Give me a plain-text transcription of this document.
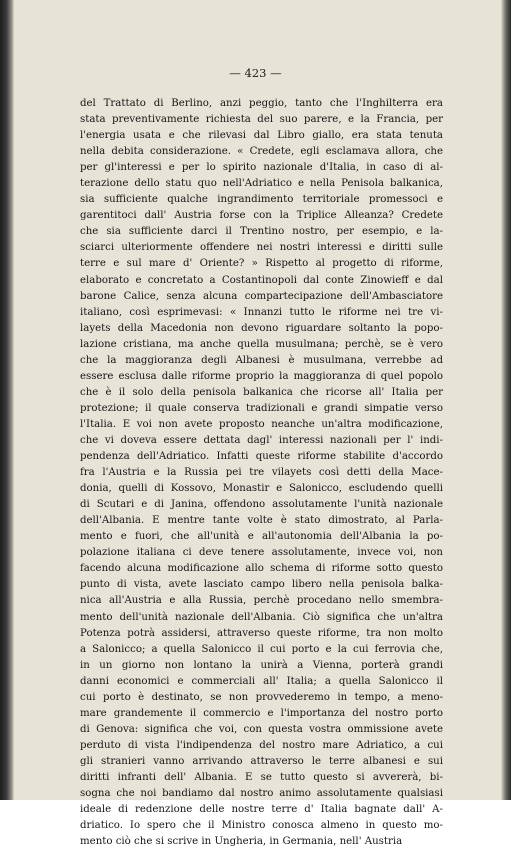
— 423 —
del Trattato di Berlino, anzi peggio, tanto che l'Inghilterra era
stata preventivamente richiesta del suo parere, e la Francia, per
l'energia usata e che rilevasi dal Libro giallo, era stata tenuta
nella debita considerazione. « Credete, egli esclamava allora, che
per gl'interessi e per lo spirito nazionale d'Italia, in caso di al-
terazione dello statu quo nell'Adriatico e nella Penisola balkanica,
sia sufficiente qualche ingrandimento territoriale promessoci e
garentitoci dall' Austria forse con la Triplice Alleanza? Credete
che sia sufficiente darci il Trentino nostro, per esempio, e la-
sciarci ulteriormente offendere nei nostri interessi e diritti sulle
terre e sul mare d' Oriente? » Rispetto al progetto di riforme,
elaborato e concretato a Costantinopoli dal conte Zinowieff e dal
barone Calice, senza alcuna compartecipazione dell'Ambasciatore
italiano, così esprimevasi: « Innanzi tutto le riforme nei tre vi-
layets della Macedonia non devono riguardare soltanto la popo-
lazione cristiana, ma anche quella musulmana; perchè, se è vero
che la maggioranza degli Albanesi è musulmana, verrebbe ad
essere esclusa dalle riforme proprio la maggioranza di quel popolo
che è il solo della penisola balkanica che ricorse all' Italia per
protezione; il quale conserva tradizionali e grandi simpatie verso
l'Italia. E voi non avete proposto neanche un'altra modificazione,
che vi doveva essere dettata dagl' interessi nazionali per l' indi-
pendenza dell'Adriatico. Infatti queste riforme stabilite d'accordo
fra l'Austria e la Russia pei tre vilayets così detti della Mace-
donia, quelli di Kossovo, Monastir e Salonicco, escludendo quelli
di Scutari e di Janina, offendono assolutamente l'unità nazionale
dell'Albania. E mentre tante volte è stato dimostrato, al Parla-
mento e fuori, che all'unità e all'autonomia dell'Albania la po-
polazione italiana ci deve tenere assolutamente, invece voi, non
facendo alcuna modificazione allo schema di riforme sotto questo
punto di vista, avete lasciato campo libero nella penisola balka-
nica all'Austria e alla Russia, perchè procedano nello smembra-
mento dell'unità nazionale dell'Albania. Ciò significa che un'altra
Potenza potrà assidersi, attraverso queste riforme, tra non molto
a Salonicco; a quella Salonicco il cui porto e la cui ferrovia che,
in un giorno non lontano la unirà a Vienna, porterà grandi
danni economici e commerciali all' Italia; a quella Salonicco il
cui porto è destinato, se non provvederemo in tempo, a meno-
mare grandemente il commercio e l'importanza del nostro porto
di Genova: significa che voi, con questa vostra ommissione avete
perduto di vista l'indipendenza del nostro mare Adriatico, a cui
gli stranieri vanno arrivando attraverso le terre albanesi e sui
diritti infranti dell' Albania. E se tutto questo si avvererà, bi-
sogna che noi bandiamo dal nostro animo assolutamente qualsiasi
ideale di redenzione delle nostre terre d' Italia bagnate dall' A-
driatico. Io spero che il Ministro conosca almeno in questo mo-
mento ciò che si scrive in Ungheria, in Germania, nell' Austria
